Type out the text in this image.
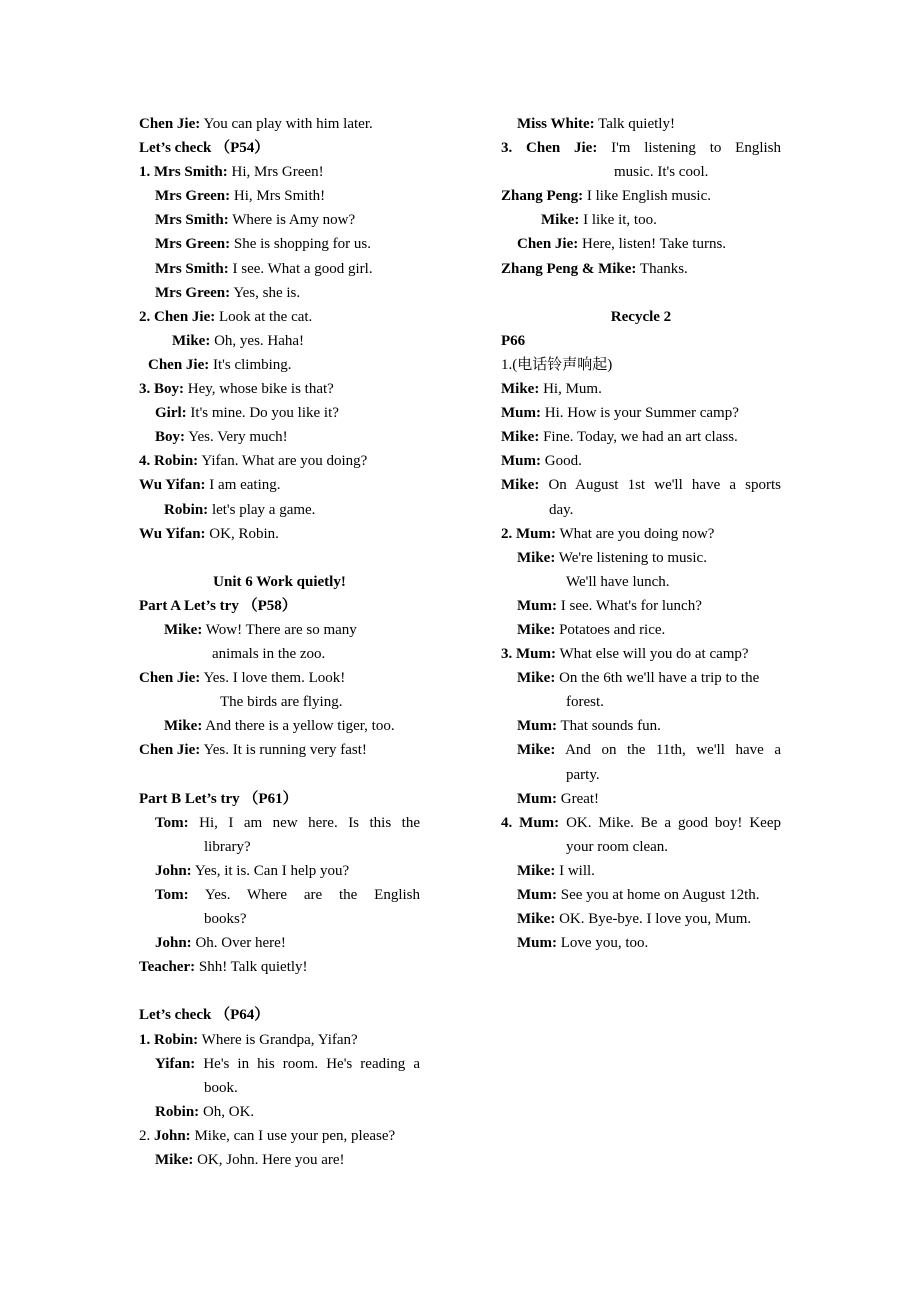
Chen Jie: You can play with him later.
Let’s check （P54）
1. Mrs Smith: Hi, Mrs Green!
Mrs Green: Hi, Mrs Smith!
Mrs Smith: Where is Amy now?
Mrs Green: She is shopping for us.
Mrs Smith: I see. What a good girl.
Mrs Green: Yes, she is.
2. Chen Jie: Look at the cat.
Mike: Oh, yes. Haha!
Chen Jie: It's climbing.
3. Boy: Hey, whose bike is that?
Girl: It's mine. Do you like it?
Boy: Yes. Very much!
4. Robin: Yifan. What are you doing?
Wu Yifan: I am eating.
Robin: let's play a game.
Wu Yifan: OK, Robin.
Unit 6 Work quietly!
Part A Let’s try （P58）
Mike: Wow! There are so many
animals in the zoo.
Chen Jie: Yes. I love them. Look!
The birds are flying.
Mike: And there is a yellow tiger, too.
Chen Jie: Yes. It is running very fast!
Part B Let’s try （P61）
Tom: Hi, I am new here. Is this the
library?
John: Yes, it is. Can I help you?
Tom: Yes. Where are the English
books?
John: Oh. Over here!
Teacher: Shh! Talk quietly!
Let’s check （P64）
1. Robin: Where is Grandpa, Yifan?
Yifan: He's in his room. He's reading a
book.
Robin: Oh, OK.
2. John: Mike, can I use your pen, please?
Mike: OK, John. Here you are!
Miss White: Talk quietly!
3. Chen Jie: I'm listening to English
music. It's cool.
Zhang Peng: I like English music.
Mike: I like it, too.
Chen Jie: Here, listen! Take turns.
Zhang Peng & Mike: Thanks.
Recycle 2
P66
1.(电话铃声响起)
Mike: Hi, Mum.
Mum: Hi. How is your Summer camp?
Mike: Fine. Today, we had an art class.
Mum: Good.
Mike: On August 1st we'll have a sports
day.
2. Mum: What are you doing now?
Mike: We're listening to music.
We'll have lunch.
Mum: I see. What's for lunch?
Mike: Potatoes and rice.
3. Mum: What else will you do at camp?
Mike: On the 6th we'll have a trip to the
forest.
Mum: That sounds fun.
Mike: And on the 11th, we'll have a
party.
Mum: Great!
4. Mum: OK. Mike. Be a good boy! Keep
your room clean.
Mike: I will.
Mum: See you at home on August 12th.
Mike: OK. Bye-bye. I love you, Mum.
Mum: Love you, too.
